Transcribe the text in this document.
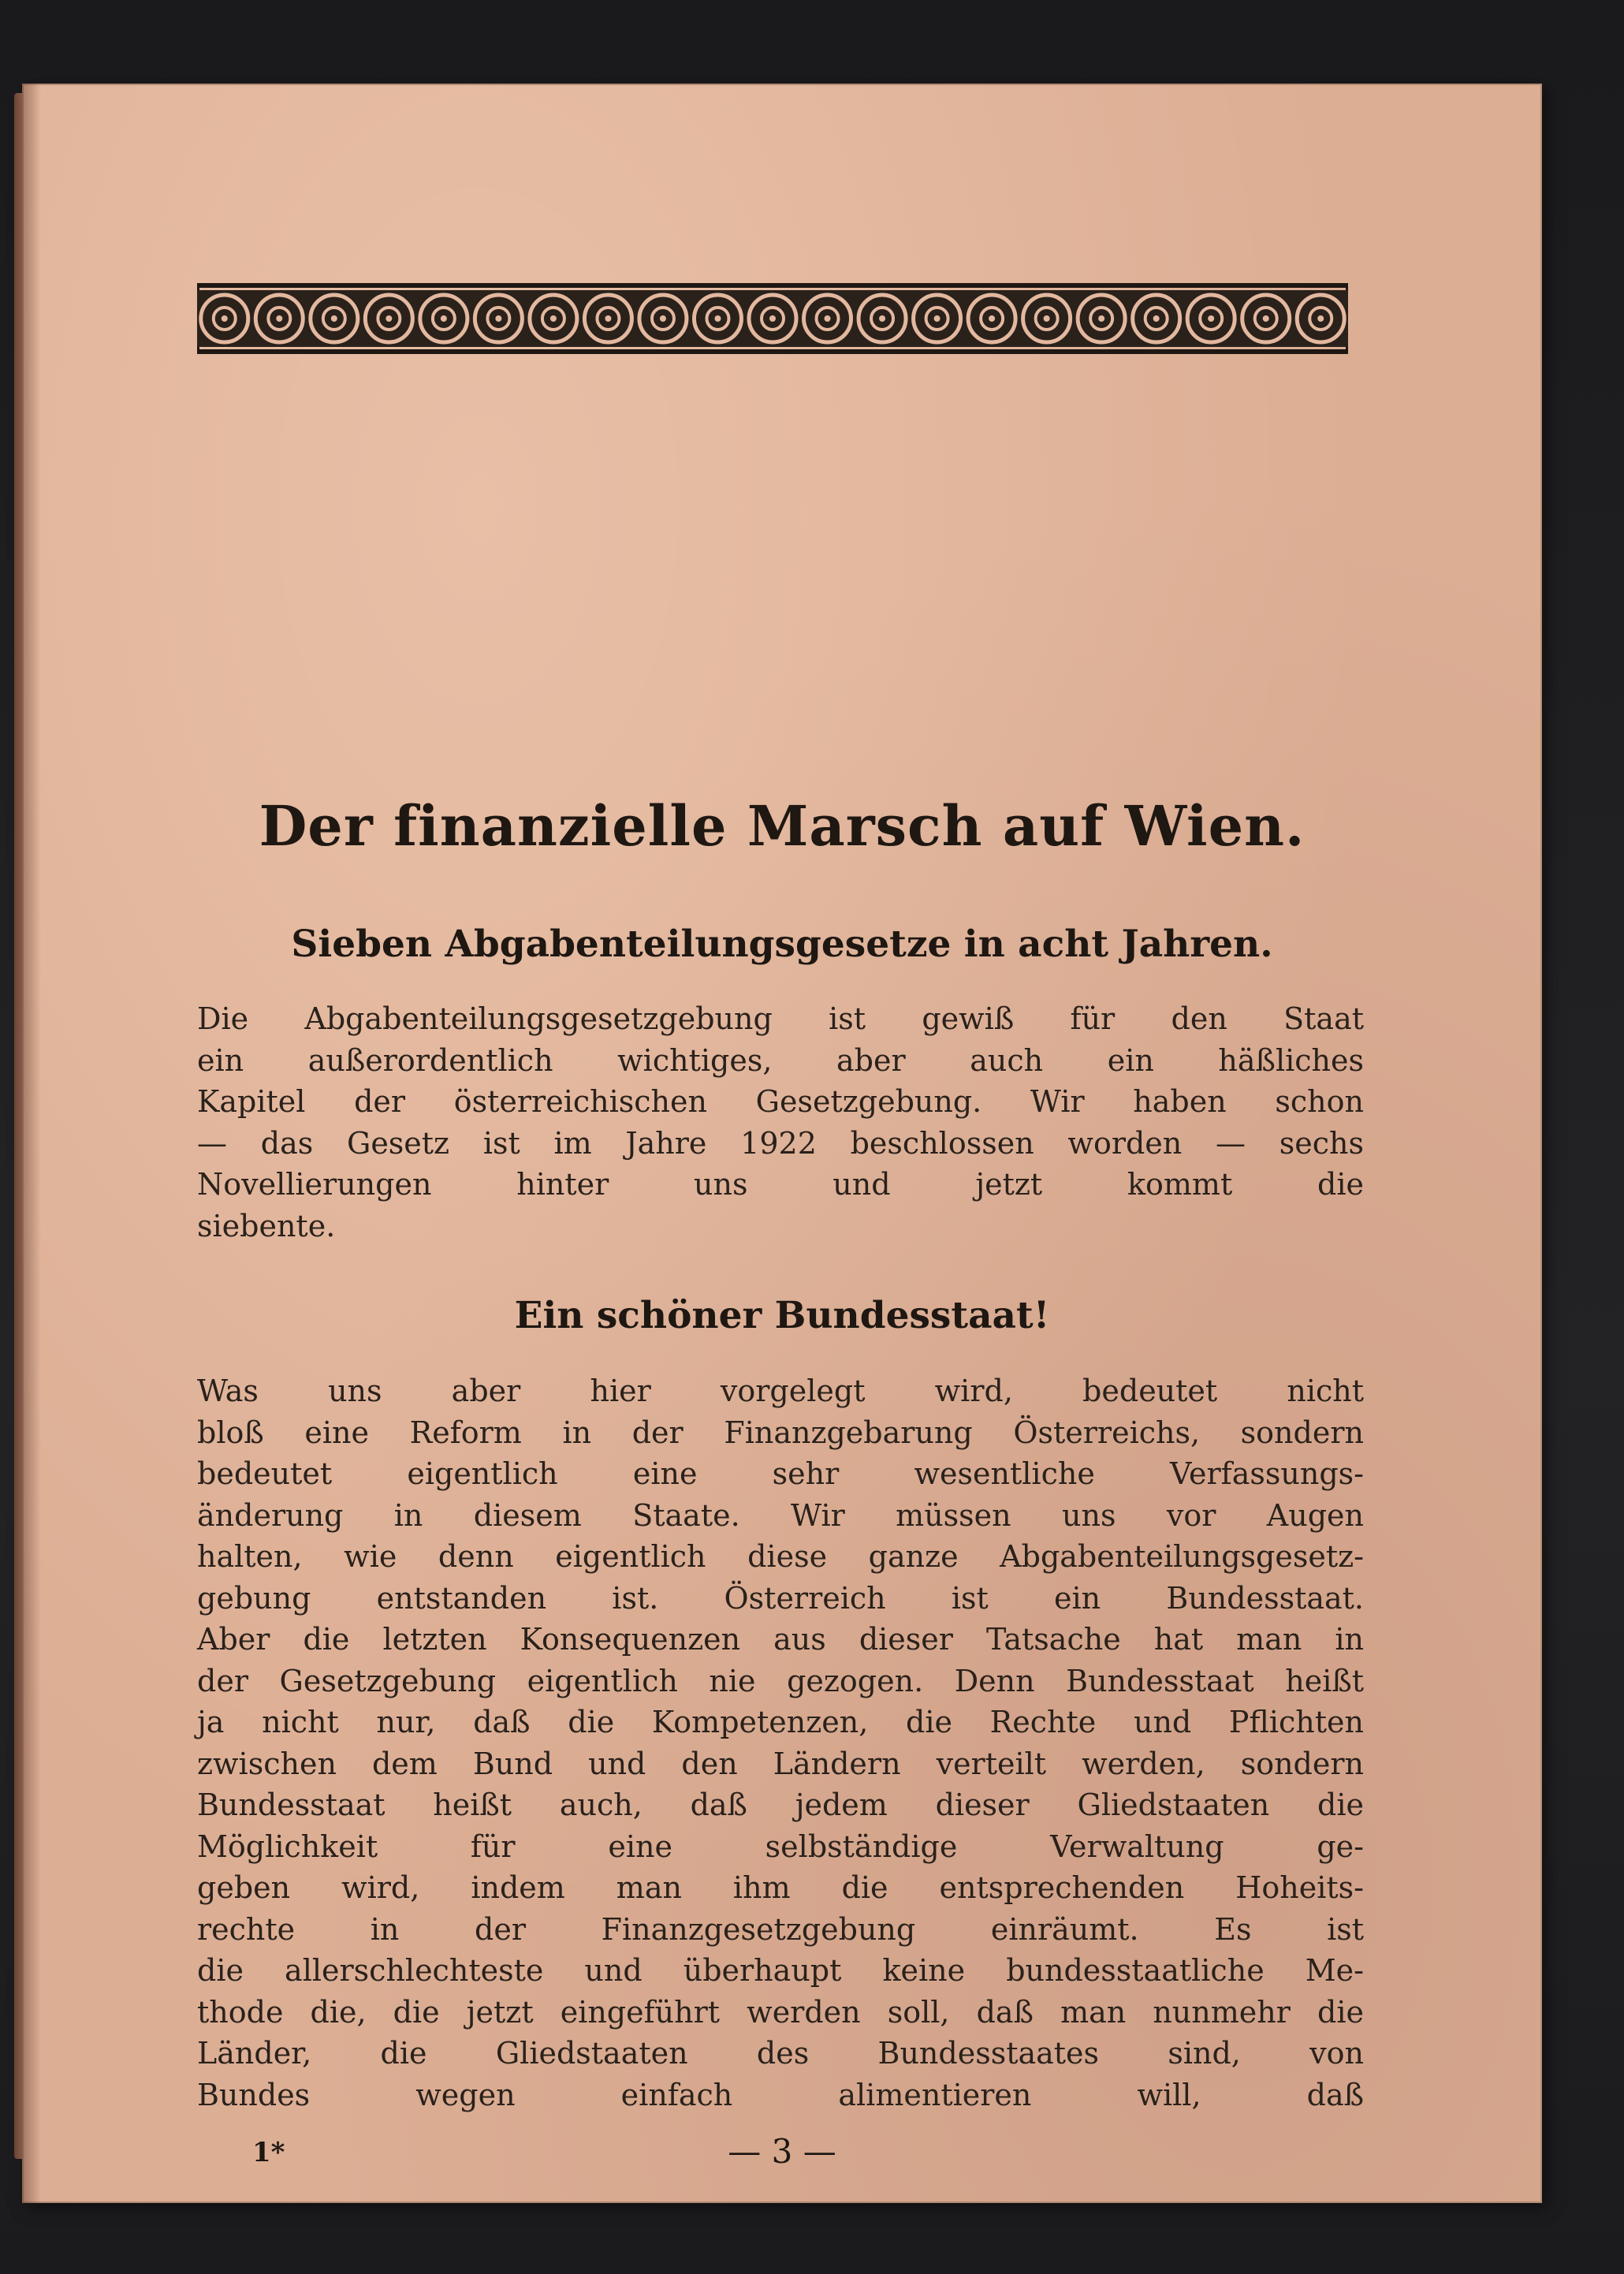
Der finanzielle Marsch auf Wien.
Sieben Abgabenteilungsgesetze in acht Jahren.
Die Abgabenteilungsgesetzgebung ist gewiß für den Staat
ein außerordentlich wichtiges, aber auch ein häßliches
Kapitel der österreichischen Gesetzgebung. Wir haben schon
— das Gesetz ist im Jahre 1922 beschlossen worden — sechs
Novellierungen hinter uns und jetzt kommt die
siebente.
Ein schöner Bundesstaat!
Was uns aber hier vorgelegt wird, bedeutet nicht
bloß eine Reform in der Finanzgebarung Österreichs, sondern
bedeutet eigentlich eine sehr wesentliche Verfassungs-
änderung in diesem Staate. Wir müssen uns vor Augen
halten, wie denn eigentlich diese ganze Abgabenteilungsgesetz-
gebung entstanden ist. Österreich ist ein Bundesstaat.
Aber die letzten Konsequenzen aus dieser Tatsache hat man in
der Gesetzgebung eigentlich nie gezogen. Denn Bundesstaat heißt
ja nicht nur, daß die Kompetenzen, die Rechte und Pflichten
zwischen dem Bund und den Ländern verteilt werden, sondern
Bundesstaat heißt auch, daß jedem dieser Gliedstaaten die
Möglichkeit für eine selbständige Verwaltung ge-
geben wird, indem man ihm die entsprechenden Hoheits-
rechte in der Finanzgesetzgebung einräumt. Es ist
die allerschlechteste und überhaupt keine bundesstaatliche Me-
thode die, die jetzt eingeführt werden soll, daß man nunmehr die
Länder, die Gliedstaaten des Bundesstaates sind, von
Bundes wegen einfach alimentieren will, daß
1*	— 3 —
